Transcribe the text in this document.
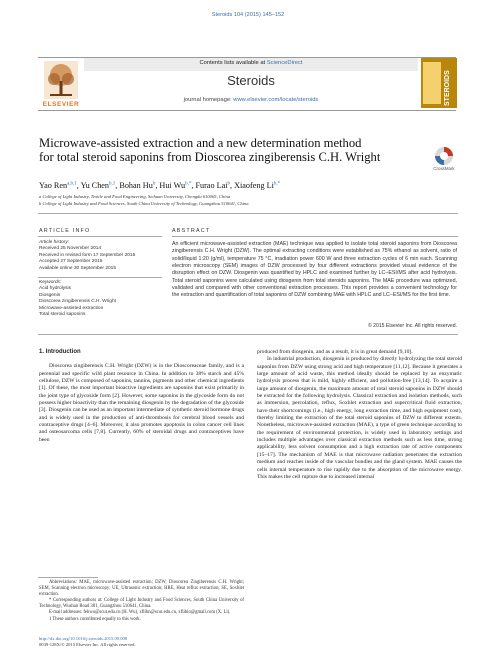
Steroids 104 (2015) 145–152
Contents lists available at ScienceDirect
Steroids
journal homepage: www.elsevier.com/locate/steroids
ELSEVIER	STEROIDS
Microwave-assisted extraction and a new determination method
for total steroid saponins from Dioscorea zingiberensis C.H. Wright
CrossMark
Yao Ren$^{a,b,1}$, Yu Chen$^{b,1}$, Bohan Hu$^b$, Hui $Wu^{b,*}$, Furao Lai$^b$, Xiaofeng $Li^{b,*}$
a College of Light Industry, Textile and Food Engineering, Sichuan University, Chengdu 610065, China
b College of Light Industry and Food Sciences, South China University of Technology, Guangzhou 510641, China
ARTICLE INFO
Article history:
Received 25 November 2014
Received in revised form 17 September 2015
Accepted 27 September 2015
Available online 30 September 2015
Keywords:
Acid hydrolysis
Diosgenin
Dioscorea zingiberensis C.H. Wright
Microwave-assisted extraction
Total steroid saponins
ABSTRACT
An efficient microwave-assisted extraction (MAE) technique was applied to isolate total steroid saponins from Dioscorea zingiberensis C.H. Wright (DZW). The optimal extracting conditions were established as 75% ethanol as solvent, ratio of solid/liquid 1:20 (g/ml), temperature 75 °C, irradiation power 600 W and three extraction cycles of 6 min each. Scanning electron microscopy (SEM) images of DZW processed by four different extractions provided visual evidence of the disruption effect on DZW. Diosgenin was quantified by HPLC and examined further by LC–ESI/MS after acid hydrolysis. Total steroid saponins were calculated using diosgenin from total steroids saponins. The MAE procedure was optimized, validated and compared with other conventional extraction processes. This report provides a convenient technology for the extraction and quantification of total saponins of DZW combining MAE with HPLC and LC–ESI/MS for the first time.
© 2015 Elsevier Inc. All rights reserved.
1. Introduction

Dioscorea zingiberensis C.H. Wright (DZW) is in the Dioscoreaceae family, and is a perennial and specific wild plant resource in China. In addition to 38% starch and 45% cellulose, DZW is composed of saponins, tannins, pigments and other chemical ingredients [1]. Of these, the most important bioactive ingredients are saponins that exist primarily in the joint type of glycoside form [2]. However, some saponins in the glycoside form do not possess higher bioactivity than the remaining diosgenin by the degradation of the glycoside [3]. Diosgenin can be used as an important intermediate of synthetic steroid hormone drugs and is widely used in the production of anti-thrombosis for cerebral blood vessels and contraceptive drugs [4–6]. Moreover, it also promotes apoptosis in colon cancer cell lines and osteosarcoma cells [7,8]. Currently, 60% of steroidal drugs and contraceptives have been

Abbreviations: MAE, microwave-assisted extraction; DZW, Dioscorea Zingiberensis C.H. Wright; SEM, Scanning electron microscopy; UE, Ultrasonic extraction; HRE, Heat reflux extraction; SE, Soxhlet extraction.

* Corresponding authors at: College of Light Industry and Food Sciences, South China University of Technology, Wushan Road 381, Guangzhou 510641, China.

E-mail addresses: fehwu@scut.edu.cn (H. Wu), xflihn@scut.edu.cn, xflibio@gmail.com (X. Li).

1 These authors contributed equally to this work.

http://dx.doi.org/10.1016/j.steroids.2015.09.008
0039-128X/© 2015 Elsevier Inc. All rights reserved.

produced from diosgenin, and as a result, it is in great demand [9,10].

In industrial production, diosgenin is produced by directly hydrolyzing the total steroid saponins from DZW using strong acid and high temperature [11,12]. Because it generates a large amount of acid waste, this method ideally should be replaced by an enzymatic hydrolysis process that is mild, highly efficient, and pollution-free [13,14]. To acquire a large amount of diosgenin, the maximum amount of total steroid saponins in DZW should be extracted for the following hydrolysis. Classical extraction and isolation methods, such as immersion, percolation, reflux, Soxhlet extraction and supercritical fluid extraction, have their shortcomings (i.e., high energy, long extraction time, and high equipment cost), thereby limiting the extraction of the total steroid saponins of DZW to different extents. Nonetheless, microwave-assisted extraction (MAE), a type of green technique according to the requirement of environmental protection, is widely used in laboratory settings and includes multiple advantages over classical extraction methods such as less time, strong applicability, less solvent consumption and a high extraction rate of active components [15–17]. The mechanism of MAE is that microwave radiation penetrates the extraction medium and reaches inside of the vascular bundles and the gland system. MAE causes the cells internal temperature to rise rapidly due to the absorption of the microwave energy. This makes the cell rupture due to increased internal
